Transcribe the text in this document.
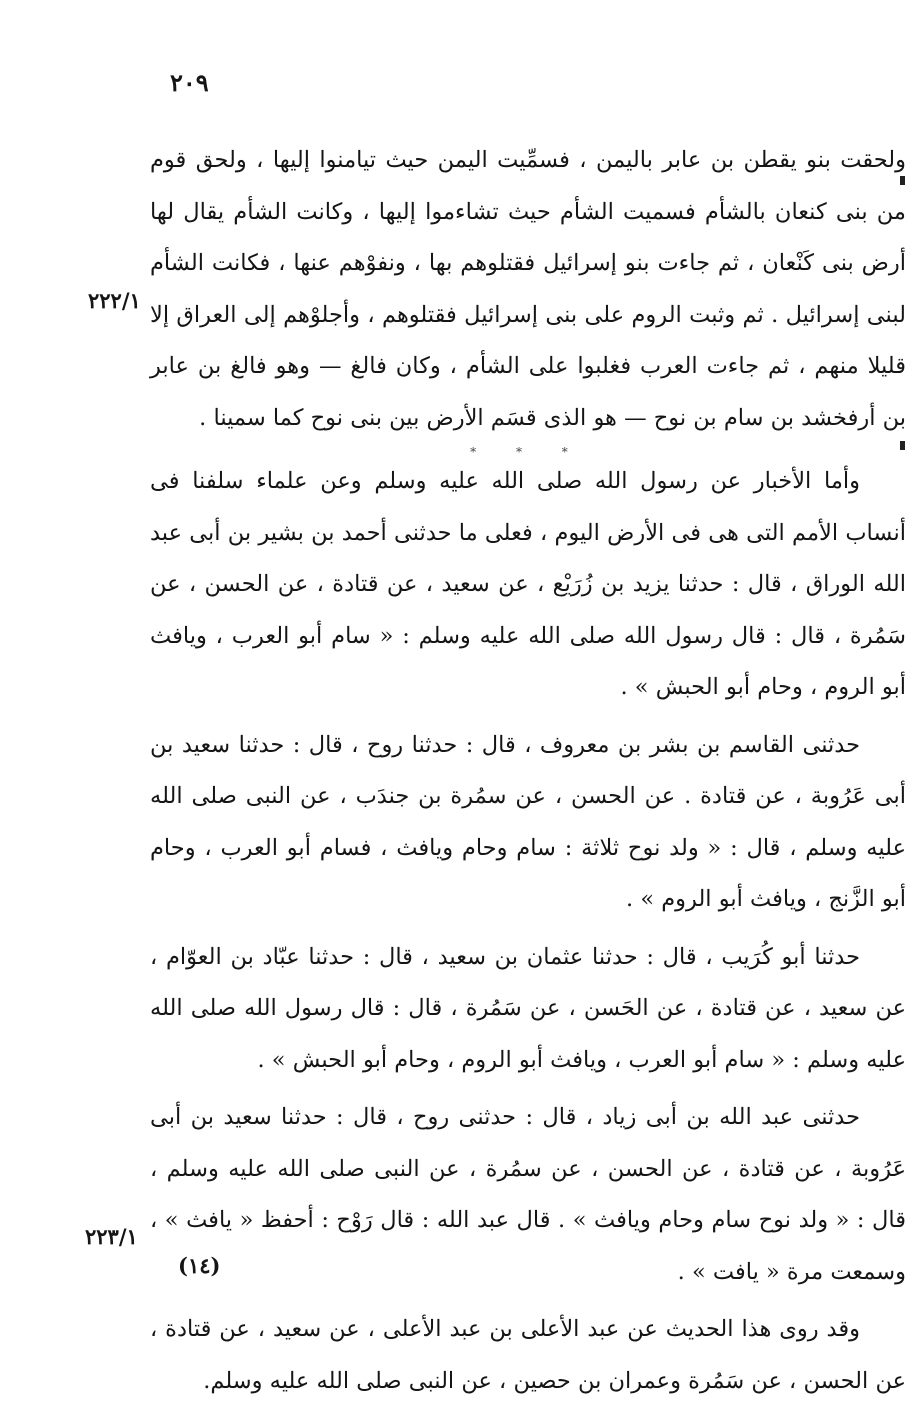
٢٠٩
٢٢٢/١
٢٢٣/١

ولحقت بنو يقطن بن عابر باليمن ، فسمِّيت اليمن حيث تيامنوا إليها ، ولحق قوم من بنى كنعان بالشأم فسميت الشأم حيث تشاءموا إليها ، وكانت الشأم يقال لها أرض بنى كَنْعان ، ثم جاءت بنو إسرائيل فقتلوهم بها ، ونفوْهم عنها ، فكانت الشأم لبنى إسرائيل . ثم وثبت الروم على بنى إسرائيل فقتلوهم ، وأجلوْهم إلى العراق إلا قليلا منهم ، ثم جاءت العرب فغلبوا على الشأم ، وكان فالغ — وهو فالغ بن عابر بن أرفخشد بن سام بن نوح — هو الذى قسَم الأرض بين بنى نوح كما سمينا .

* * *

وأما الأخبار عن رسول الله صلى الله عليه وسلم وعن علماء سلفنا فى أنساب الأمم التى هى فى الأرض اليوم ، فعلى ما حدثنى أحمد بن بشير بن أبى عبد الله الوراق ، قال : حدثنا يزيد بن زُرَيْع ، عن سعيد ، عن قتادة ، عن الحسن ، عن سَمُرة ، قال : قال رسول الله صلى الله عليه وسلم : « سام أبو العرب ، ويافث أبو الروم ، وحام أبو الحبش » .

حدثنى القاسم بن بشر بن معروف ، قال : حدثنا روح ، قال : حدثنا سعيد بن أبى عَرُوبة ، عن قتادة . عن الحسن ، عن سمُرة بن جندَب ، عن النبى صلى الله عليه وسلم ، قال : « ولد نوح ثلاثة : سام وحام ويافث ، فسام أبو العرب ، وحام أبو الزَّنج ، ويافث أبو الروم » .

حدثنا أبو كُرَيب ، قال : حدثنا عثمان بن سعيد ، قال : حدثنا عبّاد بن العوّام ، عن سعيد ، عن قتادة ، عن الحَسن ، عن سَمُرة ، قال : قال رسول الله صلى الله عليه وسلم : « سام أبو العرب ، ويافث أبو الروم ، وحام أبو الحبش » .

حدثنى عبد الله بن أبى زياد ، قال : حدثنى روح ، قال : حدثنا سعيد بن أبى عَرُوبة ، عن قتادة ، عن الحسن ، عن سمُرة ، عن النبى صلى الله عليه وسلم ، قال : « ولد نوح سام وحام ويافث » . قال عبد الله : قال رَوْح : أحفظ « يافث » ، وسمعت مرة « يافت » .

وقد روى هذا الحديث عن عبد الأعلى بن عبد الأعلى ، عن سعيد ، عن قتادة ، عن الحسن ، عن سَمُرة وعمران بن حصين ، عن النبى صلى الله عليه وسلم.

(١٤)
